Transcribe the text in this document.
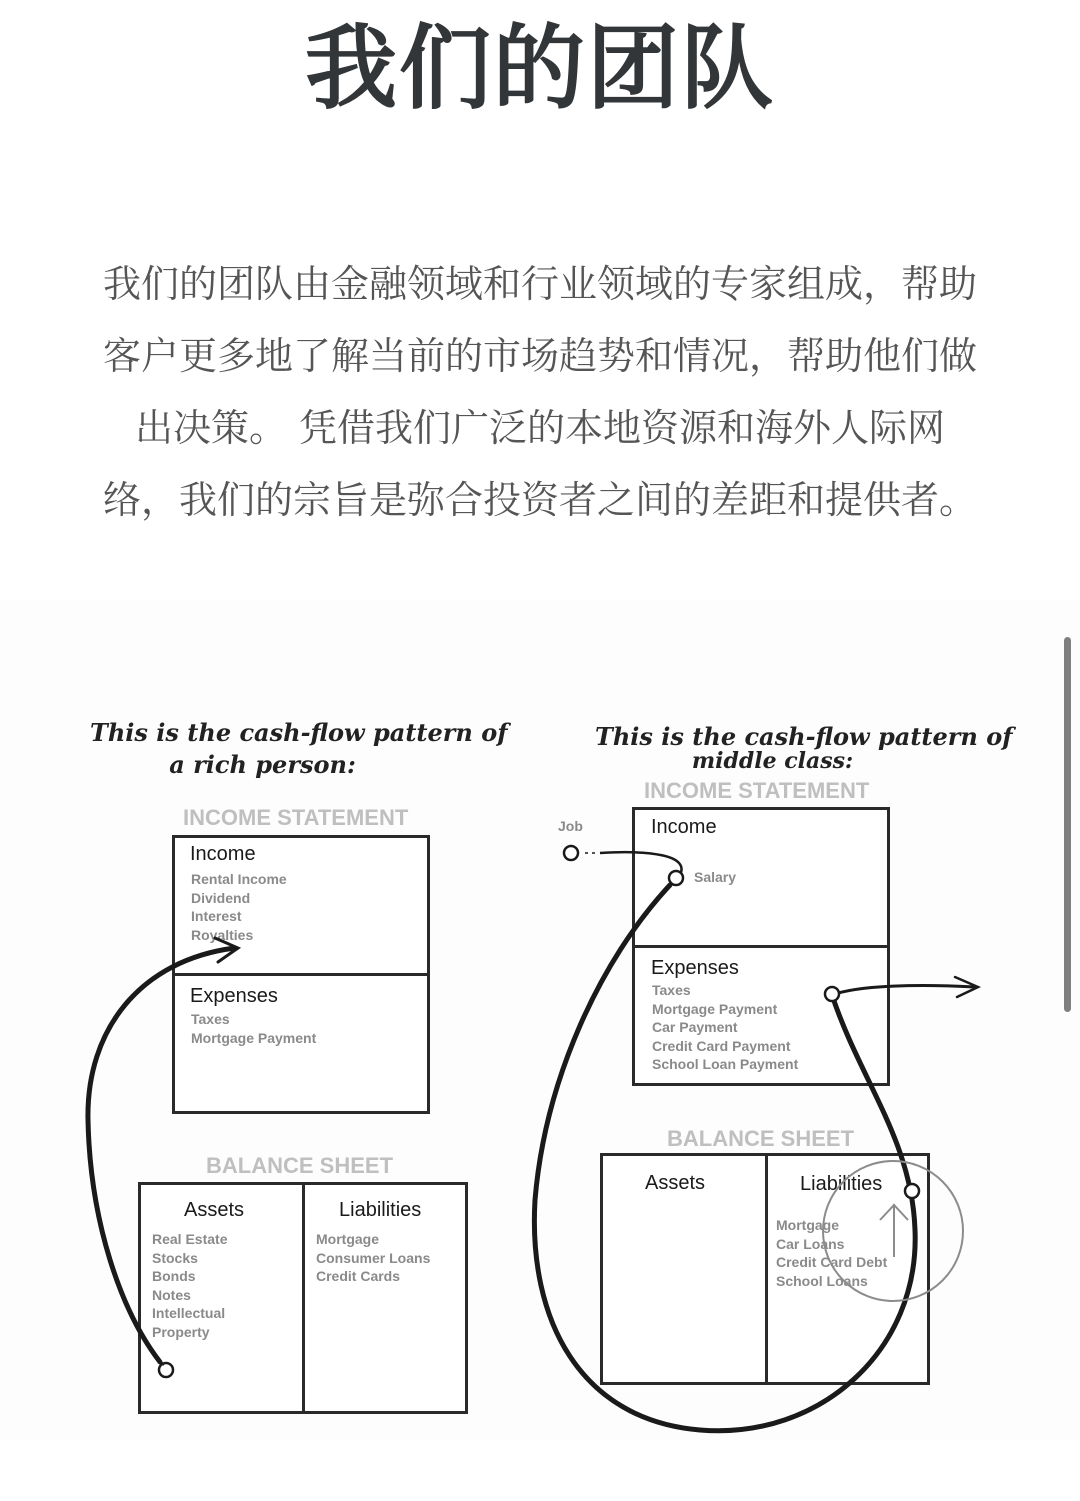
我们的团队
我们的团队由金融领域和行业领域的专家组成，帮助
客户更多地了解当前的市场趋势和情况，帮助他们做
出决策。 凭借我们广泛的本地资源和海外人际网
络，我们的宗旨是弥合投资者之间的差距和提供者。
This is the cash-flow pattern of
a rich person:
INCOME STATEMENT
Income
Rental Income
Dividend
Interest
Royalties
Expenses
Taxes
Mortgage Payment
BALANCE SHEET
Assets
Real Estate
Stocks
Bonds
Notes
Intellectual
Property
Liabilities
Mortgage
Consumer Loans
Credit Cards
This is the cash-flow pattern of
middle class:
INCOME STATEMENT
Job	Income
Salary
Expenses
Taxes
Mortgage Payment
Car Payment
Credit Card Payment
School Loan Payment
BALANCE SHEET
Assets	Liabilities
Mortgage
Car Loans
Credit Card Debt
School Loans
